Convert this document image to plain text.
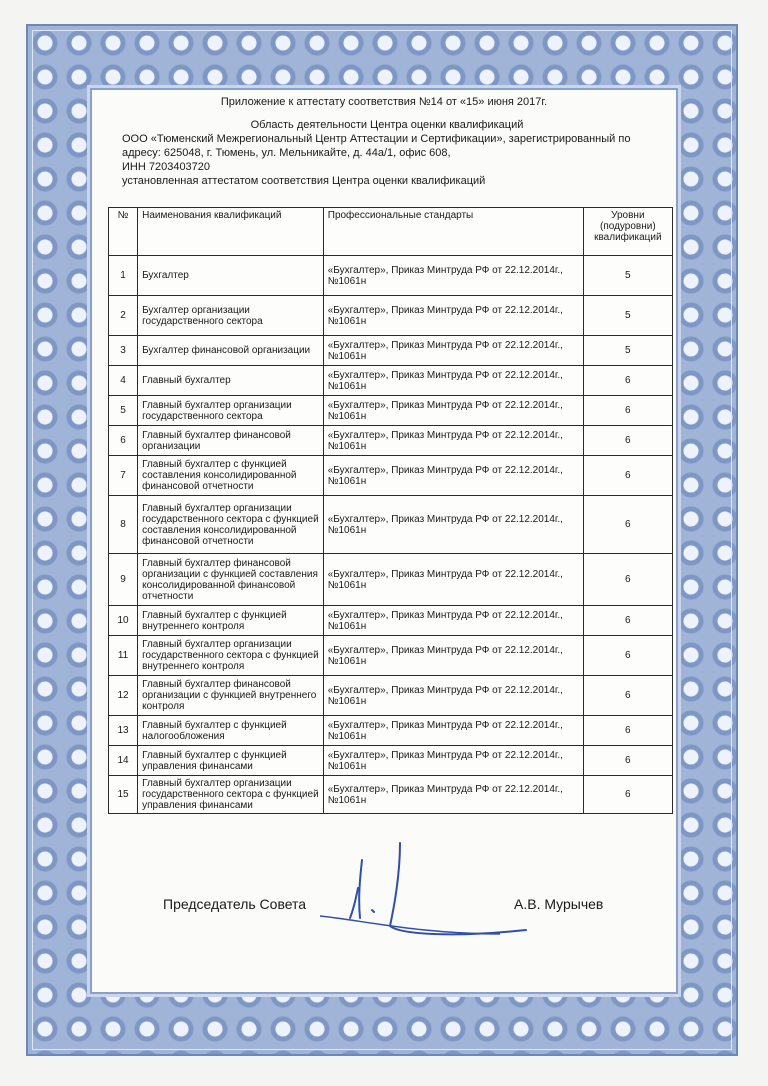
Приложение к аттестату соответствия №14 от «15» июня 2017г.
Область деятельности Центра оценки квалификаций
ООО «Тюменский Межрегиональный Центр Аттестации и Сертификации», зарегистрированный по
адресу: 625048, г. Тюмень, ул. Мельникайте, д. 44а/1, офис 608,
ИНН 7203403720
установленная аттестатом соответствия Центра оценки квалификаций
№	Наименования квалификаций	Профессиональные стандарты	Уровни (подуровни) квалификаций
1	Бухгалтер	«Бухгалтер», Приказ Минтруда РФ от 22.12.2014г., №1061н	5
2	Бухгалтер организации государственного сектора	«Бухгалтер», Приказ Минтруда РФ от 22.12.2014г., №1061н	5
3	Бухгалтер финансовой организации	«Бухгалтер», Приказ Минтруда РФ от 22.12.2014г., №1061н	5
4	Главный бухгалтер	«Бухгалтер», Приказ Минтруда РФ от 22.12.2014г., №1061н	6
5	Главный бухгалтер организации государственного сектора	«Бухгалтер», Приказ Минтруда РФ от 22.12.2014г., №1061н	6
6	Главный бухгалтер финансовой организации	«Бухгалтер», Приказ Минтруда РФ от 22.12.2014г., №1061н	6
7	Главный бухгалтер с функцией составления консолидированной финансовой отчетности	«Бухгалтер», Приказ Минтруда РФ от 22.12.2014г., №1061н	6
8	Главный бухгалтер организации государственного сектора с функцией составления консолидированной финансовой отчетности	«Бухгалтер», Приказ Минтруда РФ от 22.12.2014г., №1061н	6
9	Главный бухгалтер финансовой организации с функцией составления консолидированной финансовой отчетности	«Бухгалтер», Приказ Минтруда РФ от 22.12.2014г., №1061н	6
10	Главный бухгалтер с функцией внутреннего контроля	«Бухгалтер», Приказ Минтруда РФ от 22.12.2014г., №1061н	6
11	Главный бухгалтер организации государственного сектора с функцией внутреннего контроля	«Бухгалтер», Приказ Минтруда РФ от 22.12.2014г., №1061н	6
12	Главный бухгалтер финансовой организации с функцией внутреннего контроля	«Бухгалтер», Приказ Минтруда РФ от 22.12.2014г., №1061н	6
13	Главный бухгалтер с функцией налогообложения	«Бухгалтер», Приказ Минтруда РФ от 22.12.2014г., №1061н	6
14	Главный бухгалтер с функцией управления финансами	«Бухгалтер», Приказ Минтруда РФ от 22.12.2014г., №1061н	6
15	Главный бухгалтер организации государственного сектора с функцией управления финансами	«Бухгалтер», Приказ Минтруда РФ от 22.12.2014г., №1061н	6
Председатель Совета	А.В. Мурычев
